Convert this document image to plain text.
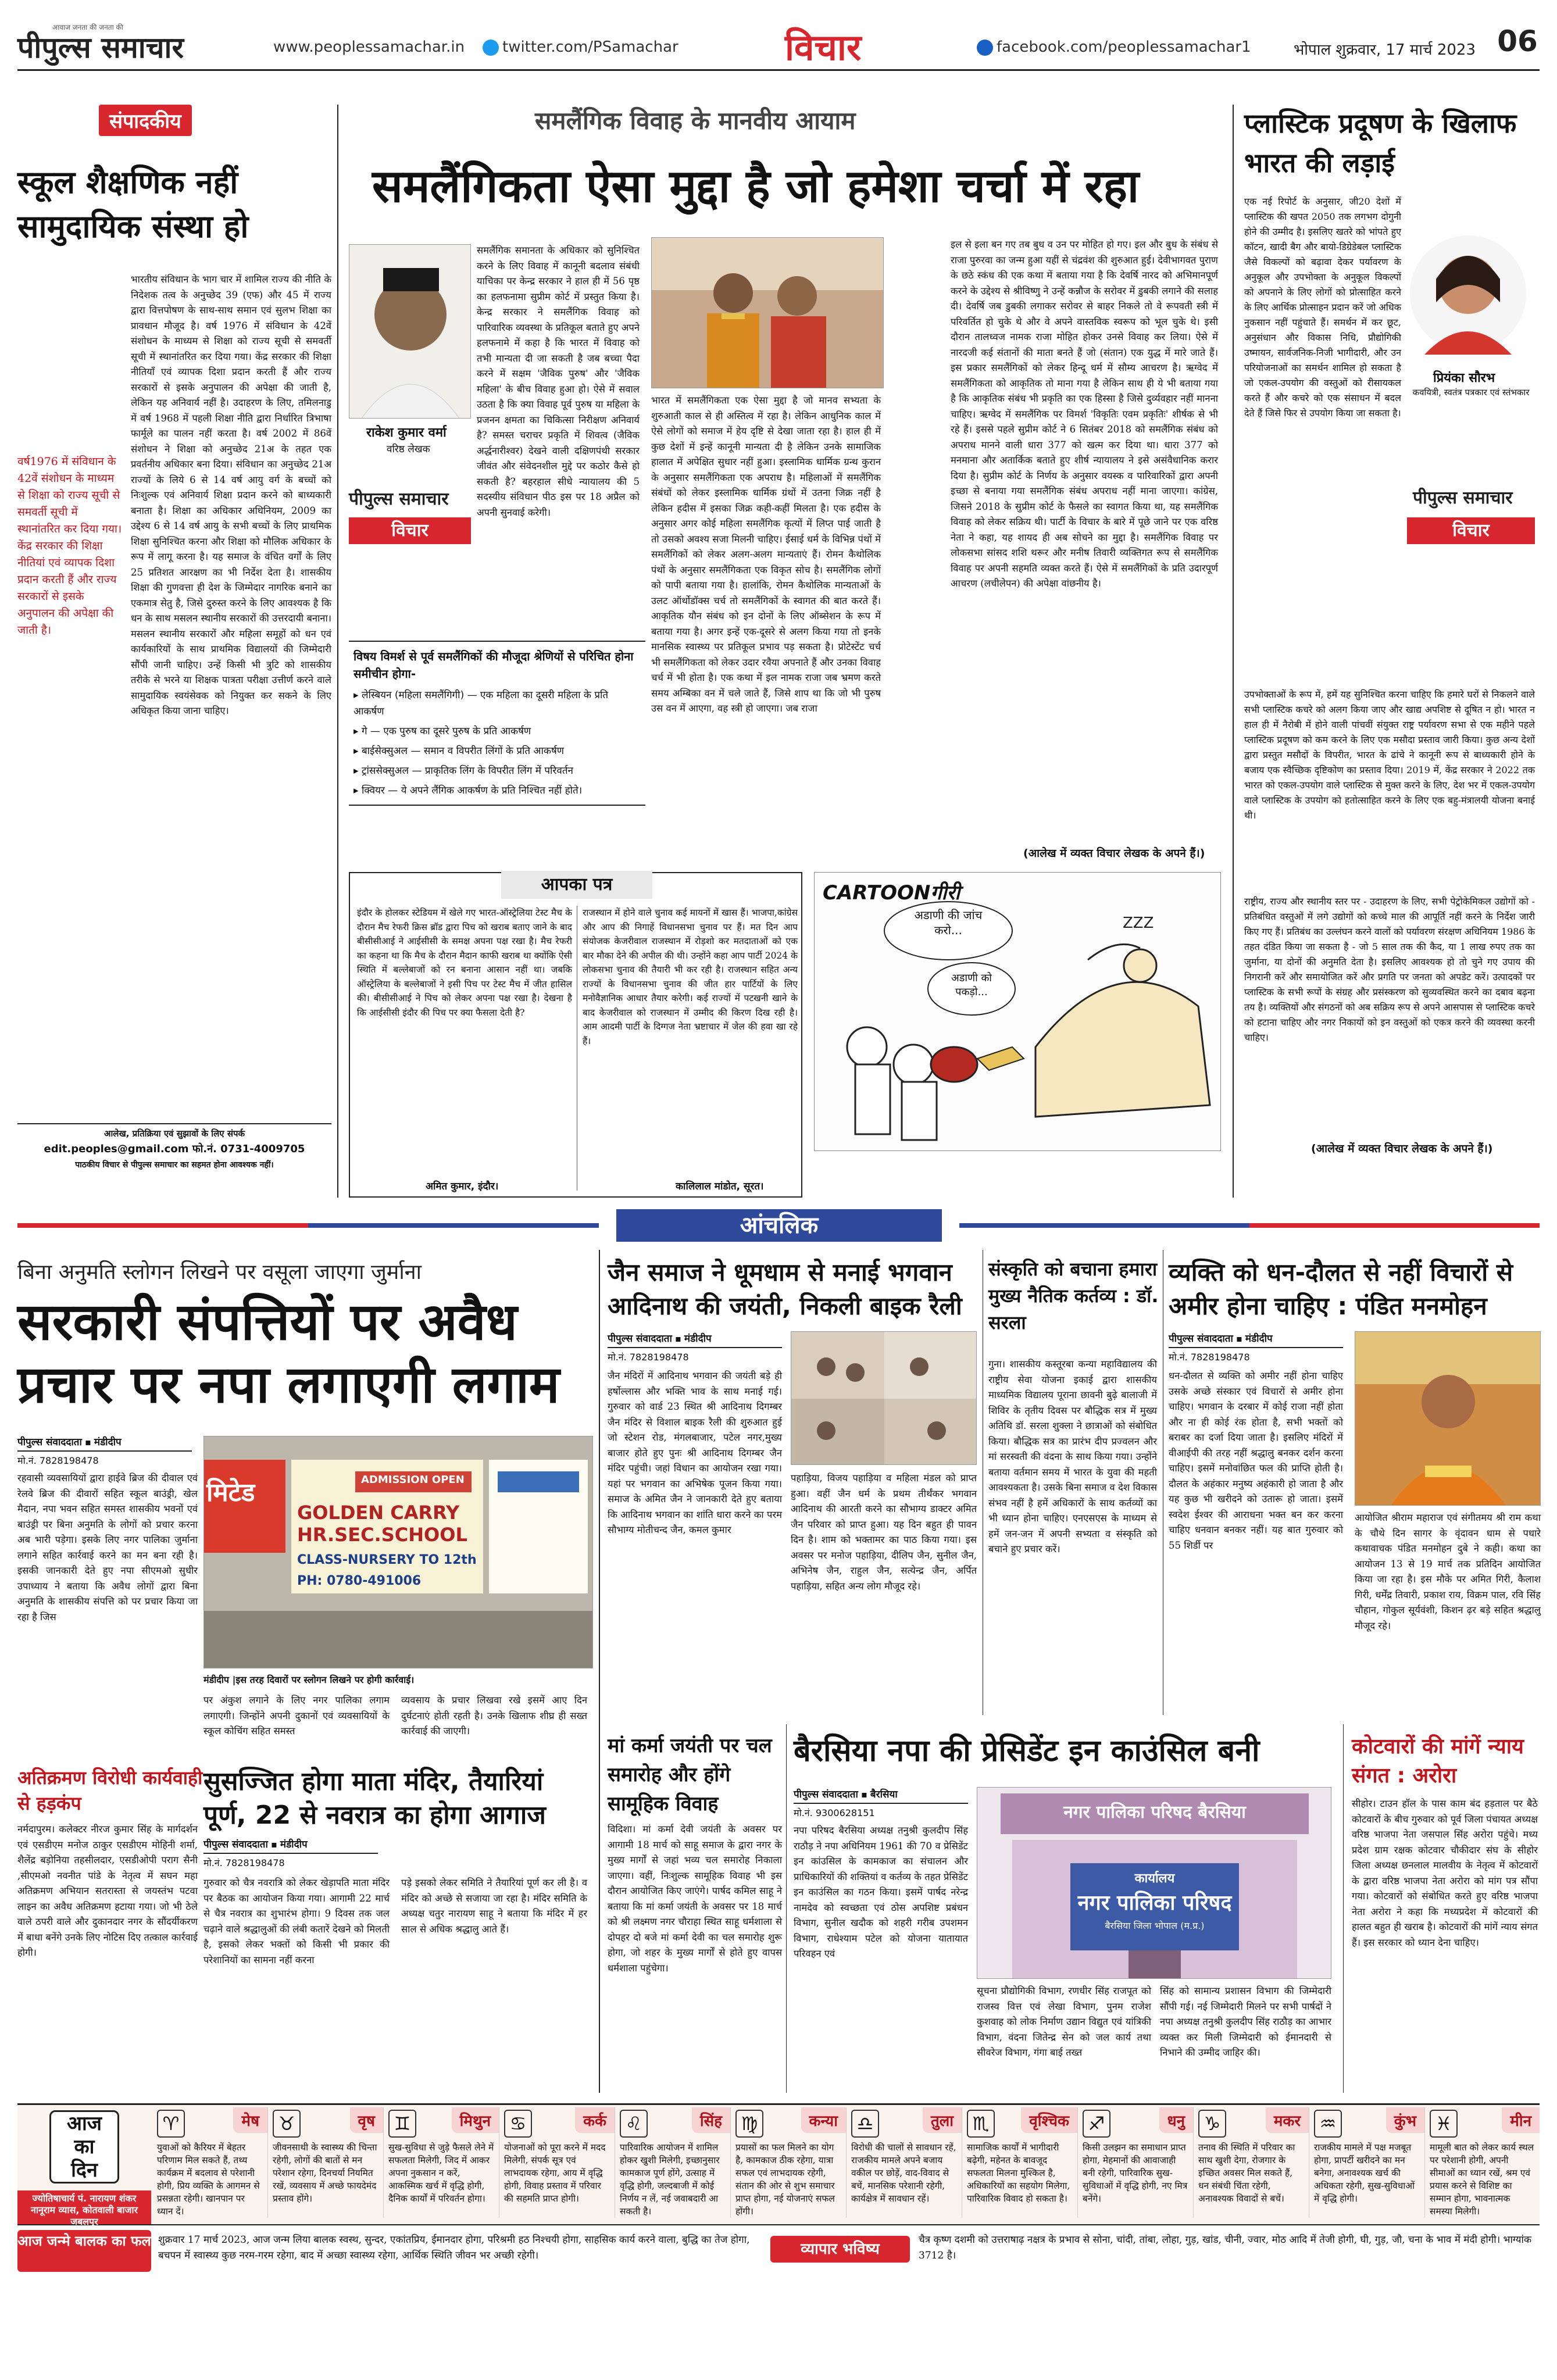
पीपुल्स समाचार
आवाज जनता की जनता की
www.peoplessamachar.in	twitter.com/PSamachar	विचार	facebook.com/peoplessamachar1	भोपाल शुक्रवार, 17 मार्च 2023 06
संपादकीय
स्कूल शैक्षणिक नहीं सामुदायिक संस्था हो
भारतीय संविधान के भाग चार में शामिल राज्य की नीति के निदेशक तत्व के अनुच्छेद 39 (एफ) और 45 में राज्य द्वारा वित्तपोषण के साथ-साथ समान एवं सुलभ शिक्षा का प्रावधान मौजूद है। वर्ष 1976 में संविधान के 42वें संशोधन के माध्यम से शिक्षा को राज्य सूची से समवर्ती सूची में स्थानांतरित कर दिया गया। केंद्र सरकार की शिक्षा नीतियाँ एवं व्यापक दिशा प्रदान करती हैं और राज्य सरकारों से इसके अनुपालन की अपेक्षा की जाती है, लेकिन यह अनिवार्य नहीं है। उदाहरण के लिए, तमिलनाडु में वर्ष 1968 में पहली शिक्षा नीति द्वारा निर्धारित त्रिभाषा फार्मूले का पालन नहीं करता है। वर्ष 2002 में 86वें संशोधन ने शिक्षा को अनुच्छेद 21अ के तहत एक प्रवर्तनीय अधिकार बना दिया। संविधान का अनुच्छेद 21अ राज्यों के लिये 6 से 14 वर्ष आयु वर्ग के बच्चों को निःशुल्क एवं अनिवार्य शिक्षा प्रदान करने को बाध्यकारी बनाता है। शिक्षा का अधिकार अधिनियम, 2009 का उद्देश्य 6 से 14 वर्ष आयु के सभी बच्चों के लिए प्राथमिक शिक्षा सुनिश्चित करना और शिक्षा को मौलिक अधिकार के रूप में लागू करना है। यह समाज के वंचित वर्गों के लिए 25 प्रतिशत आरक्षण का भी निर्देश देता है। शासकीय शिक्षा की गुणवत्ता ही देश के जिम्मेदार नागरिक बनाने का एकमात्र सेतु है, जिसे दुरुस्त करने के लिए आवश्यक है कि धन के साथ मसलन स्थानीय सरकारों की उत्तरदायी बनाना। मसलन स्थानीय सरकारों और महिला समूहों को धन एवं कार्यकारियों के साथ प्राथमिक विद्यालयों की जिम्मेदारी सौंपी जानी चाहिए। उन्हें किसी भी त्रुटि को शासकीय तरीके से भरने या शिक्षक पात्रता परीक्षा उत्तीर्ण करने वाले सामुदायिक स्वयंसेवक को नियुक्त कर सकने के लिए अधिकृत किया जाना चाहिए।
वर्ष1976 में संविधान के 42वें संशोधन के माध्यम से शिक्षा को राज्य सूची से समवर्ती सूची में स्थानांतरित कर दिया गया। केंद्र सरकार की शिक्षा नीतियां एवं व्यापक दिशा प्रदान करती हैं और राज्य सरकारों से इसके अनुपालन की अपेक्षा की जाती है।
आलेख, प्रतिक्रिया एवं सुझावों के लिए संपर्क
edit.peoples@gmail.com फो.नं. 0731-4009705
पाठकीय विचार से पीपुल्स समाचार का सहमत होना आवश्यक नहीं।
समलैंगिक विवाह के मानवीय आयाम
समलैंगिकता ऐसा मुद्दा है जो हमेशा चर्चा में रहा
राकेश कुमार वर्मा
वरिष्ठ लेखक
पीपुल्स समाचार
विचार
समलैंगिक समानता के अधिकार को सुनिश्चित करने के लिए विवाह में कानूनी बदलाव संबंधी याचिका पर केन्द्र सरकार ने हाल ही में 56 पृष्ठ का हलफनामा सुप्रीम कोर्ट में प्रस्तुत किया है। केन्द्र सरकार ने समलैंगिक विवाह को पारिवारिक व्यवस्था के प्रतिकूल बताते हुए अपने हलफनामे में कहा है कि भारत में विवाह को तभी मान्यता दी जा सकती है जब बच्चा पैदा करने में सक्षम 'जैविक पुरुष' और 'जैविक महिला' के बीच विवाह हुआ हो। ऐसे में सवाल उठता है कि क्या विवाह पूर्व पुरुष या महिला के प्रजनन क्षमता का चिकित्सा निरीक्षण अनिवार्य है? समस्त चराचर प्रकृति में शिवत्व (जैविक अर्द्धनारीश्वर) देखने वाली दक्षिणपंथी सरकार जीवंत और संवेदनशील मुद्दे पर कठोर कैसे हो सकती है? बहरहाल सीधे न्यायालय की 5 सदस्यीय संविधान पीठ इस पर 18 अप्रैल को अपनी सुनवाई करेगी।
भारत में समलैंगिकता एक ऐसा मुद्दा है जो मानव सभ्यता के शुरुआती काल से ही अस्तित्व में रहा है। लेकिन आधुनिक काल में ऐसे लोगों को समाज में हेय दृष्टि से देखा जाता रहा है। हाल ही में कुछ देशों में इन्हें कानूनी मान्यता दी है लेकिन उनके सामाजिक हालात में अपेक्षित सुधार नहीं हुआ। इस्लामिक धार्मिक ग्रन्थ कुरान के अनुसार समलैंगिकता एक अपराध है। महिलाओं में समलैंगिक संबंधों को लेकर इस्लामिक धार्मिक ग्रंथों में उतना जिक्र नहीं है लेकिन हदीस में इसका जिक्र कही-कहीं मिलता है। एक हदीस के अनुसार अगर कोई महिला समलैंगिक कृत्यों में लिप्त पाई जाती है तो उसको अवश्य सजा मिलनी चाहिए। ईसाई धर्म के विभिन्न पंथों में समलैंगिकों को लेकर अलग-अलग मान्यताएं हैं। रोमन कैथोलिक पंथों के अनुसार समलैंगिकता एक विकृत सोच है। समलैंगिक लोगों को पापी बताया गया है। हालांकि, रोमन कैथोलिक मान्यताओं के उलट ऑर्थोडॉक्स चर्च तो समलैंगिकों के स्वागत की बात करते हैं। आकृतिक यौन संबंध को इन दोनों के लिए ऑब्सेशन के रूप में बताया गया है। अगर इन्हें एक-दूसरे से अलग किया गया तो इनके मानसिक स्वास्थ्य पर प्रतिकूल प्रभाव पड़ सकता है। प्रोटेस्टेंट चर्च भी समलैंगिकता को लेकर उदार रवैया अपनाते हैं और उनका विवाह चर्च में भी होता है। एक कथा में इल नामक राजा जब भ्रमण करते समय अम्बिका वन में चले जाते हैं, जिसे शाप था कि जो भी पुरुष उस वन में आएगा, वह स्त्री हो जाएगा। जब राजा
विषय विमर्श से पूर्व समलैंगिकों की मौजूदा श्रेणियों से परिचित होना समीचीन होगा-
▸ लेस्बियन (महिला समलैंगिगी) — एक महिला का दूसरी महिला के प्रति आकर्षण
▸ गे — एक पुरुष का दूसरे पुरुष के प्रति आकर्षण
▸ बाईसेक्सुअल — समान व विपरीत लिंगों के प्रति आकर्षण
▸ ट्रांससेक्सुअल — प्राकृतिक लिंग के विपरीत लिंग में परिवर्तन
▸ क्वियर — ये अपने लैंगिक आकर्षण के प्रति निश्चित नहीं होते।
इल से इला बन गए तब बुध व उन पर मोहित हो गए। इल और बुध के संबंध से राजा पुरुरवा का जन्म हुआ यहीं से चंद्रवंश की शुरुआत हुई। देवीभागवत पुराण के छठे स्कंध की एक कथा में बताया गया है कि देवर्षि नारद को अभिमानपूर्ण करने के उद्देश्य से श्रीविष्णु ने उन्हें कन्नौज के सरोवर में डुबकी लगाने की सलाह दी। देवर्षि जब डुबकी लगाकर सरोवर से बाहर निकले तो वे रूपवती स्त्री में परिवर्तित हो चुके थे और वे अपने वास्तविक स्वरूप को भूल चुके थे। इसी दौरान तालध्वज नामक राजा मोहित होकर उनसे विवाह कर लिया। ऐसे में नारदजी कई संतानों की माता बनते हैं जो (संतान) एक युद्ध में मारे जाते हैं। इस प्रकार समलैंगिकों को लेकर हिन्दू धर्म में सौम्य आचरण है। ऋग्वेद में समलैंगिकता को आकृतिक तो माना गया है लेकिन साथ ही ये भी बताया गया है कि आकृतिक संबंध भी प्रकृति का एक हिस्सा है जिसे दुर्व्यवहार नहीं मानना चाहिए। ऋग्वेद में समलैंगिक पर विमर्श 'विकृतिः एवम प्रकृतिः' शीर्षक से भी रहे हैं। इससे पहले सुप्रीम कोर्ट ने 6 सितंबर 2018 को समलैंगिक संबंध को अपराध मानने वाली धारा 377 को खत्म कर दिया था। धारा 377 को मनमाना और अतार्किक बताते हुए शीर्ष न्यायालय ने इसे असंवैधानिक करार दिया है। सुप्रीम कोर्ट के निर्णय के अनुसार वयस्क व पारिवारिकों द्वारा अपनी इच्छा से बनाया गया समलैंगिक संबंध अपराध नहीं माना जाएगा। कांग्रेस, जिसने 2018 के सुप्रीम कोर्ट के फैसले का स्वागत किया था, यह समलैंगिक विवाह को लेकर सक्रिय थी। पार्टी के विचार के बारे में पूछे जाने पर एक वरिष्ठ नेता ने कहा, यह शायद ही अब सोचने का मुद्दा है। समलैंगिक विवाह पर लोकसभा सांसद शशि थरूर और मनीष तिवारी व्यक्तिगत रूप से समलैंगिक विवाह पर अपनी सहमति व्यक्त करते हैं। ऐसे में समलैंगिकों के प्रति उदारपूर्ण आचरण (लचीलेपन) की अपेक्षा वांछनीय है।
(आलेख में व्यक्त विचार लेखक के अपने हैं।)
प्लास्टिक प्रदूषण के खिलाफ भारत की लड़ाई
एक नई रिपोर्ट के अनुसार, जी20 देशों में प्लास्टिक की खपत 2050 तक लगभग दोगुनी होने की उम्मीद है। इसलिए खतरे को भांपते हुए कॉटन, खादी बैग और बायो-डिग्रेडेबल प्लास्टिक जैसे विकल्पों को बढ़ावा देकर पर्यावरण के अनुकूल और उपभोक्ता के अनुकूल विकल्पों को अपनाने के लिए लोगों को प्रोत्साहित करने के लिए आर्थिक प्रोत्साहन प्रदान करें जो अधिक नुकसान नहीं पहुंचाते हैं। समर्थन में कर छूट, अनुसंधान और विकास निधि, प्रौद्योगिकी उष्मायन, सार्वजनिक-निजी भागीदारी, और उन परियोजनाओं का समर्थन शामिल हो सकता है जो एकल-उपयोग की वस्तुओं को रीसायकल करते हैं और कचरे को एक संसाधन में बदल देते हैं जिसे फिर से उपयोग किया जा सकता है।
प्रियंका सौरभ
कवयित्री, स्वतंत्र पत्रकार एवं स्तंभकार
पीपुल्स समाचार
विचार
उपभोक्ताओं के रूप में, हमें यह सुनिश्चित करना चाहिए कि हमारे घरों से निकलने वाले सभी प्लास्टिक कचरे को अलग किया जाए और खाद्य अपशिष्ट से दूषित न हो। भारत न हाल ही में नैरोबी में होने वाली पांचवीं संयुक्त राष्ट्र पर्यावरण सभा से एक महीने पहले प्लास्टिक प्रदूषण को कम करने के लिए एक मसौदा प्रस्ताव जारी किया। कुछ अन्य देशों द्वारा प्रस्तुत मसौदों के विपरीत, भारत के ढांचे ने कानूनी रूप से बाध्यकारी होने के बजाय एक स्वैच्छिक दृष्टिकोण का प्रस्ताव दिया। 2019 में, केंद्र सरकार ने 2022 तक भारत को एकल-उपयोग वाले प्लास्टिक से मुक्त करने के लिए, देश भर में एकल-उपयोग वाले प्लास्टिक के उपयोग को हतोत्साहित करने के लिए एक बहु-मंत्रालयी योजना बनाई थी।
राष्ट्रीय, राज्य और स्थानीय स्तर पर - उदाहरण के लिए, सभी पेट्रोकेमिकल उद्योगों को - प्रतिबंधित वस्तुओं में लगे उद्योगों को कच्चे माल की आपूर्ति नहीं करने के निर्देश जारी किए गए हैं। प्रतिबंध का उल्लंघन करने वालों को पर्यावरण संरक्षण अधिनियम 1986 के तहत दंडित किया जा सकता है - जो 5 साल तक की कैद, या 1 लाख रुपए तक का जुर्माना, या दोनों की अनुमति देता है। इसलिए आवश्यक हो तो चुने गए उपाय की निगरानी करें और समायोजित करें और प्रगति पर जनता को अपडेट करें। उत्पादकों पर प्लास्टिक के सभी रूपों के संग्रह और प्रसंस्करण को सुव्यवस्थित करने का दबाव बढ़ना तय है। व्यक्तियों और संगठनों को अब सक्रिय रूप से अपने आसपास से प्लास्टिक कचरे को हटाना चाहिए और नगर निकायों को इन वस्तुओं को एकत्र करने की व्यवस्था करनी चाहिए।
(आलेख में व्यक्त विचार लेखक के अपने हैं।)
आपका पत्र
इंदौर के होलकर स्टेडियम में खेले गए भारत-ऑस्ट्रेलिया टेस्ट मैच के दौरान मैच रेफरी क्रिस ब्रॉड द्वारा पिच को खराब बताए जाने के बाद बीसीसीआई ने आईसीसी के समक्ष अपना पक्ष रखा है। मैच रेफरी का कहना था कि मैच के दौरान मैदान काफी खराब था क्योंकि ऐसी स्थिति में बल्लेबाजों को रन बनाना आसान नहीं था। जबकि ऑस्ट्रेलिया के बल्लेबाजों ने इसी पिच पर टेस्ट मैच में जीत हासिल की। बीसीसीआई ने पिच को लेकर अपना पक्ष रखा है। देखना है कि आईसीसी इंदौर की पिच पर क्या फैसला देती है?
अमित कुमार, इंदौर।
राजस्थान में होने वाले चुनाव कई मायनों में खास हैं। भाजपा,कांग्रेस और आप की निगाहें विधानसभा चुनाव पर हैं। मत दिन आप संयोजक केजरीवाल राजस्थान में रोड़शो कर मतदाताओं को एक बार मौका देने की अपील की थी। उन्होंने कहा आप पार्टी 2024 के लोकसभा चुनाव की तैयारी भी कर रही है। राजस्थान सहित अन्य राज्यों के विधानसभा चुनाव की जीत हार पार्टियों के लिए मनोवैज्ञानिक आधार तैयार करेगी। कई राज्यों में पटखनी खाने के बाद केजरीवाल को राजस्थान में उम्मीद की किरण दिख रही है। आम आदमी पार्टी के दिग्गज नेता भ्रष्टाचार में जेल की हवा खा रहे हैं।
कालिलाल मांडोत, सूरत।
CARTOONगीरी
ZZZ
अडाणी की जांच करो...
अडाणी को पकड़ो...
आंचलिक
बिना अनुमति स्लोगन लिखने पर वसूला जाएगा जुर्माना
सरकारी संपत्तियों पर अवैध प्रचार पर नपा लगाएगी लगाम
पीपुल्स संवाददाता ▪ मंडीदीप
मो.नं. 7828198478
रहवासी व्यवसायियों द्वारा हाईवे ब्रिज की दीवाल एवं रेलवे ब्रिज की दीवारों सहित स्कूल बाउंड्री, खेल मैदान, नपा भवन सहित समस्त शासकीय भवनों एवं बाउंड्री पर बिना अनुमति के लोगों को प्रचार करना अब भारी पड़ेगा। इसके लिए नगर पालिका जुर्माना लगाने सहित कार्रवाई करने का मन बना रही है। इसकी जानकारी देते हुए नपा सीएमओ सुधीर उपाध्याय ने बताया कि अवैध लोगों द्वारा बिना अनुमति के शासकीय संपत्ति को पर प्रचार किया जा रहा है जिस
मिटेड	ADMISSION OPEN
GOLDEN CARRY HR.SEC.SCHOOL
CLASS-NURSERY TO 12th
PH: 0780-491006
मंडीदीप |इस तरह दिवारों पर स्लोगन लिखने पर होगी कार्रवाई।
पर अंकुश लगाने के लिए नगर पालिका लगाम लगाएगी। जिन्होंने अपनी दुकानों एवं व्यवसायियों के स्कूल कोचिंग सहित समस्त
व्यवसाय के प्रचार लिखवा रखे इसमें आए दिन दुर्घटनाएं होती रहती है। उनके खिलाफ शीघ्र ही सख्त कार्रवाई की जाएगी।
अतिक्रमण विरोधी कार्यवाही से हड़कंप
नर्मदापुरम। कलेक्टर नीरज कुमार सिंह के मार्गदर्शन एवं एसडीएम मनोज ठाकुर एसडीएम मोहिनी शर्मा, शैलेंद्र बड़ोनिया तहसीलदार, एसडीओपी पराग सैनी ,सीएमओ नवनीत पांडे के नेतृत्व में सघन महा अतिक्रमण अभियान सतरास्ता से जयस्तंभ पटवा लाइन का अवैध अतिक्रमण हटाया गया। जो भी ठेले वाले ठपरी वाले और दुकानदार नगर के सौंदर्यीकरण में बाधा बनेंगे उनके लिए नोटिस दिए तत्काल कार्रवाई होगी।
सुसज्जित होगा माता मंदिर, तैयारियां पूर्ण, 22 से नवरात्र का होगा आगाज
पीपुल्स संवाददाता ▪ मंडीदीप
मो.नं. 7828198478
गुरुवार को चैत्र नवरात्रि को लेकर खेड़ापति माता मंदिर पर बैठक का आयोजन किया गया। आगामी 22 मार्च से चैत्र नवरात्र का शुभारंभ होगा। 9 दिवस तक जल चढ़ाने वाले श्रद्धालुओं की लंबी कतारें देखने को मिलती है, इसको लेकर भक्तों को किसी भी प्रकार की परेशानियों का सामना नहीं करना
पड़े इसको लेकर समिति ने तैयारियां पूर्ण कर ली है। व मंदिर को अच्छे से सजाया जा रहा है। मंदिर समिति के अध्यक्ष चतुर नारायण साहू ने बताया कि मंदिर में हर साल से अधिक श्रद्धालु आते हैं।
जैन समाज ने धूमधाम से मनाई भगवान आदिनाथ की जयंती, निकली बाइक रैली
पीपुल्स संवाददाता ▪ मंडीदीप
मो.नं. 7828198478
जैन मंदिरों में आदिनाथ भगवान की जयंती बड़े ही हर्षोल्लास और भक्ति भाव के साथ मनाई गई। गुरुवार को वार्ड 23 स्थित श्री आदिनाथ दिगम्बर जैन मंदिर से विशाल बाइक रैली की शुरुआत हुई जो स्टेशन रोड, मंगलबाजार, पटेल नगर,मुख्य बाजार होते हुए पुनः श्री आदिनाथ दिगम्बर जैन मंदिर पहुंची। जहां विधान का आयोजन रखा गया। यहां पर भगवान का अभिषेक पूजन किया गया। समाज के अमित जैन ने जानकारी देते हुए बताया कि आदिनाथ भगवान का शांति धारा करने का परम सौभाग्य मोतीचन्द जैन, कमल कुमार
पहाड़िया, विजय पहाड़िया व महिला मंडल को प्राप्त हुआ। वहीं जैन धर्म के प्रथम तीर्थंकर भगवान आदिनाथ की आरती करने का सौभाग्य डाक्टर अमित जैन परिवार को प्राप्त हुआ। यह दिन बहुत ही पावन दिन है। शाम को भक्तामर का पाठ किया गया। इस अवसर पर मनोज पहाड़िया, दीलिप जैन, सुनील जैन, अभिनेष जैन, राहुल जैन, सत्येन्द्र जैन, अर्पित पहाड़िया, सहित अन्य लोग मौजूद रहे।
मां कर्मा जयंती पर चल समारोह और होंगे सामूहिक विवाह
विदिशा। मां कर्मा देवी जयंती के अवसर पर आगामी 18 मार्च को साहू समाज के द्वारा नगर के मुख्य मार्गों से जहां भव्य चल समारोह निकाला जाएगा। वहीं, निःशुल्क सामूहिक विवाह भी इस दौरान आयोजित किए जाएंगे। पार्षद कमिल साहू ने बताया कि मां कर्मा जयंती के अवसर पर 18 मार्च को श्री लक्ष्मण नगर चौराहा स्थित साहू धर्मशाला से दोपहर दो बजे मां कर्मा देवी का चल समारोह शुरू होगा, जो शहर के मुख्य मार्गों से होते हुए वापस धर्मशाला पहुंचेगा।
संस्कृति को बचाना हमारा मुख्य नैतिक कर्तव्य : डॉ. सरला
गुना। शासकीय कस्तूरबा कन्या महाविद्यालय की राष्ट्रीय सेवा योजना इकाई द्वारा शासकीय माध्यमिक विद्यालय पूराना छावनी बुढ़े बालाजी में शिविर के तृतीय दिवस पर बौद्धिक सत्र में मुख्य अतिथि डॉ. सरला शुक्ला ने छात्राओं को संबोधित किया। बौद्धिक सत्र का प्रारंभ दीप प्रज्वलन और मां सरस्वती की वंदना के साथ किया गया। उन्होंने बताया वर्तमान समय में भारत के युवा की महती आवश्यकता है। उसके बिना समाज व देश विकास संभव नहीं है हमें अधिकारों के साथ कर्तव्यों का भी ध्यान होना चाहिए। एनएसएस के माध्यम से हमें जन-जन में अपनी सभ्यता व संस्कृति को बचाने हुए प्रचार करें।
व्यक्ति को धन-दौलत से नहीं विचारों से अमीर होना चाहिए : पंडित मनमोहन
पीपुल्स संवाददाता ▪ मंडीदीप
मो.नं. 7828198478
धन-दौलत से व्यक्ति को अमीर नहीं होना चाहिए उसके अच्छे संस्कार एवं विचारों से अमीर होना चाहिए। भगवान के दरबार में कोई राजा नहीं होता और ना ही कोई रंक होता है, सभी भक्तों को बराबर का दर्जा दिया जाता है। इसलिए मंदिरों में वीआईपी की तरह नहीं श्रद्धालु बनकर दर्शन करना चाहिए। इसमें मनोवांछित फल की प्राप्ति होती है। दौलत के अहंकार मनुष्य अहंकारी हो जाता है और यह कुछ भी खरीदने को उतारू हो जाता। इसमें स्वदेश ईश्वर की आराधना भक्त बन कर करना चाहिए धनवान बनकर नहीं। यह बात गुरुवार को 55 शिर्डी पर
आयोजित श्रीराम महाराज एवं संगीतमय श्री राम कथा के चौथे दिन सागर के वृंदावन धाम से पधारे कथावाचक पंडित मनमोहन दुबे ने कही। कथा का आयोजन 13 से 19 मार्च तक प्रतिदिन आयोजित किया जा रहा है। इस मौके पर अमित गिरी, कैलाश गिरी, धर्मेंद्र तिवारी, प्रकाश राय, विक्रम पाल, रवि सिंह चौहान, गोकुल सूर्यवंशी, किशन ढ़र बड़े सहित श्रद्धालु मौजूद रहे।
बैरसिया नपा की प्रेसिडेंट इन काउंसिल बनी
पीपुल्स संवाददाता ▪ बैरसिया
मो.नं. 9300628151
नपा परिषद बैरसिया अध्यक्ष तनुश्री कुलदीप सिंह राठौड़ ने नपा अधिनियम 1961 की 70 व प्रेसिडेंट इन कांउसिल के कामकाज का संचालन और प्राधिकारियों की शक्तियां व कर्तव्य के तहत प्रेसिडेंट इन काउंसिल का गठन किया। इसमें पार्षद नरेन्द्र नामदेव को स्वच्छता एवं ठोस अपशिष्ट प्रबंधन विभाग, सुनील खदौक को शहरी गरीब उपशमन विभाग, राधेश्याम पटेल को योजना यातायात परिवहन एवं
नगर पालिका परिषद बैरसिया
कार्यालय
नगर पालिका परिषद
बैरसिया जिला भोपाल (म.प्र.)
सूचना प्रौद्योगिकी विभाग, रणधीर सिंह राजपूत को राजस्व वित्त एवं लेखा विभाग, पुनम राजेश कुशवाह को लोक निर्माण उद्यान विद्युत एवं यांत्रिकी विभाग, वंदना जितेन्द्र सेन को जल कार्य तथा सीवरेज विभाग, गंगा बाई तख्त
सिंह को सामान्य प्रशासन विभाग की जिम्मेदारी सौंपी गई। नई जिम्मेदारी मिलने पर सभी पार्षदों ने नपा अध्यक्ष तनुश्री कुलदीप सिंह राठौड़ का आभार व्यक्त कर मिली जिम्मेदारी को ईमानदारी से निभाने की उम्मीद जाहिर की।
कोटवारों की मांगें न्याय संगत : अरोरा
सीहोर। टाउन हॉल के पास काम बंद हड़ताल पर बैठे कोटवारों के बीच गुरुवार को पूर्व जिला पंचायत अध्यक्ष वरिष्ठ भाजपा नेता जसपाल सिंह अरोरा पहुंचे। मध्य प्रदेश ग्राम रक्षक कोटवार चौकीदार संघ के सीहोर जिला अध्यक्ष छनलाल मालवीय के नेतृत्व में कोटवारों के द्वारा वरिष्ठ भाजपा नेता अरोरा को मांग पत्र सौंपा गया। कोटवारों को संबोधित करते हुए वरिष्ठ भाजपा नेता अरोरा ने कहा कि मध्यप्रदेश में कोटवारों की हालत बहुत ही खराब है। कोटवारों की मांगें न्याय संगत हैं। इस सरकार को ध्यान देना चाहिए।
आज
का
दिन
ज्योतिषाचार्य पं. नारायण शंकर नानूराम व्यास, कोतवाली बाजार जबलपुर
♈	मेष
युवाओं को कैरियर में बेहतर परिणाम मिल सकते हैं, तथ्य कार्यक्रम में बदलाव से परेशानी होगी, प्रिय व्यक्ति के आगमन से प्रसन्नता रहेगी। खानपान पर ध्यान दें।
♉	वृष
जीवनसाथी के स्वास्थ्य की चिन्ता रहेगी, लोगों की बातों से मन परेशान रहेगा, दिनचर्या नियमित रखें, व्यवसाय में अच्छे फायदेमंद प्रस्ताव होंगे।
♊	मिथुन
सुख-सुविधा से जुड़े फैसले लेने में सफलता मिलेगी, जिद में आकर अपना नुकसान न करें, आकस्मिक खर्च में वृद्धि होगी, दैनिक कार्यों में परिवर्तन होगा।
♋	कर्क
योजनाओं को पूरा करने में मदद मिलेगी, संपर्क सूत्र एवं लाभदायक रहेगा, आय में वृद्धि होगी, विवाह प्रस्ताव में परिवार की सहमति प्राप्त होगी।
♌	सिंह
पारिवारिक आयोजन में शामिल होकर खुशी मिलेगी, इच्छानुसार कामकाज पूर्ण होंगे, उत्साह में वृद्धि होगी, जल्दबाजी में कोई निर्णय न लें, नई जवाबदारी आ सकती है।
♍	कन्या
प्रयासों का फल मिलने का योग है, कामकाज ठीक रहेगा, यात्रा सफल एवं लाभदायक रहेगी, संतान की ओर से शुभ समाचार प्राप्त होगा, नई योजनाएं सफल होंगी।
♎	तुला
विरोधी की चालों से सावधान रहें, राजकीय मामले अपने बजाय वकील पर छोड़ें, वाद-विवाद से बचें, मानसिक परेशानी रहेगी, कार्यक्षेत्र में सावधान रहें।
♏	वृश्चिक
सामाजिक कार्यों में भागीदारी बढ़ेगी, महेनत के बावजूद सफलता मिलना मुश्किल है, अधिकारियों का सहयोग मिलेगा, पारिवारिक विवाद हो सकता है।
♐	धनु
किसी उलझन का समाधान प्राप्त होगा, मेहमानों की आवाजाही बनी रहेगी, पारिवारिक सुख-सुविधाओं में वृद्धि होगी, नए मित्र बनेंगे।
♑	मकर
तनाव की स्थिति में परिवार का साथ खुशी देगा, रोजगार के इच्छित अवसर मिल सकते हैं, धन संबंधी चिंता रहेगी, अनावश्यक विवादों से बचें।
♒	कुंभ
राजकीय मामले में पक्ष मजबूत होगा, प्रापर्टी खरीदने का मन बनेगा, अनावश्यक खर्च की अधिकता रहेगी, सुख-सुविधाओं में वृद्धि होगी।
♓	मीन
मामूली बात को लेकर कार्य स्थल पर परेशानी होगी, अपनी सीमाओं का ध्यान रखें, श्रम एवं प्रयास करने से विशिष्ट का सम्मान होगा, भावनात्मक समस्या मिलेगी।
आज जन्मे बालक का फल शुक्रवार 17 मार्च 2023, आज जन्म लिया बालक स्वस्थ, सुन्दर, एकांतप्रिय, ईमानदार होगा, परिश्रमी हठ निश्चयी होगा, साहसिक कार्य करने वाला, बुद्धि का तेज होगा, बचपन में स्वास्थ्य कुछ नरम-गरम रहेगा, बाद में अच्छा स्वास्थ्य रहेगा, आर्थिक स्थिति जीवन भर अच्छी रहेगी।	व्यापार भविष्य
चैत्र कृष्ण दशमी को उत्तराषाढ़ नक्षत्र के प्रभाव से सोना, चांदी, तांबा, लोहा, गुड़, खांड, चीनी, ज्वार, मोठ आदि में तेजी होगी, घी, गुड़, जौ, चना के भाव में मंदी होगी। भाग्यांक 3712 है।
